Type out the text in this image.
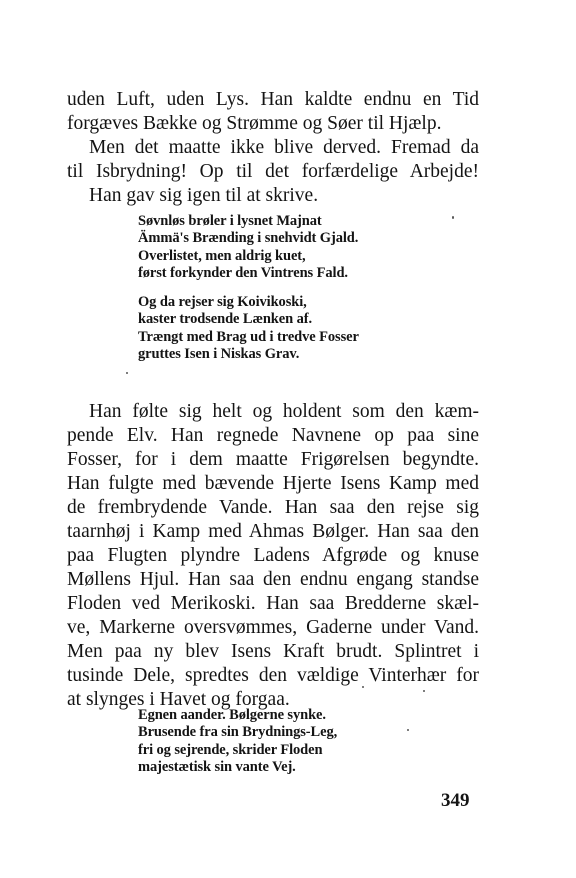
uden Luft, uden Lys. Han kaldte endnu en Tid
forgæves Bække og Strømme og Søer til Hjælp.
Men det maatte ikke blive derved. Fremad da
til Isbrydning! Op til det forfærdelige Arbejde!
Han gav sig igen til at skrive.
Søvnløs brøler i lysnet Majnat
Ämmä's Brænding i snehvidt Gjald.
Overlistet, men aldrig kuet,
først forkynder den Vintrens Fald.
Og da rejser sig Koivikoski,
kaster trodsende Lænken af.
Trængt med Brag ud i tredve Fosser
gruttes Isen i Niskas Grav.
Han følte sig helt og holdent som den kæm-
pende Elv. Han regnede Navnene op paa sine
Fosser, for i dem maatte Frigørelsen begyndte.
Han fulgte med bævende Hjerte Isens Kamp med
de frembrydende Vande. Han saa den rejse sig
taarnhøj i Kamp med Ahmas Bølger. Han saa den
paa Flugten plyndre Ladens Afgrøde og knuse
Møllens Hjul. Han saa den endnu engang standse
Floden ved Merikoski. Han saa Bredderne skæl-
ve, Markerne oversvømmes, Gaderne under Vand.
Men paa ny blev Isens Kraft brudt. Splintret i
tusinde Dele, spredtes den vældige Vinterhær for
at slynges i Havet og forgaa.
Egnen aander. Bølgerne synke.
Brusende fra sin Brydnings-Leg,
fri og sejrende, skrider Floden
majestætisk sin vante Vej.
349
